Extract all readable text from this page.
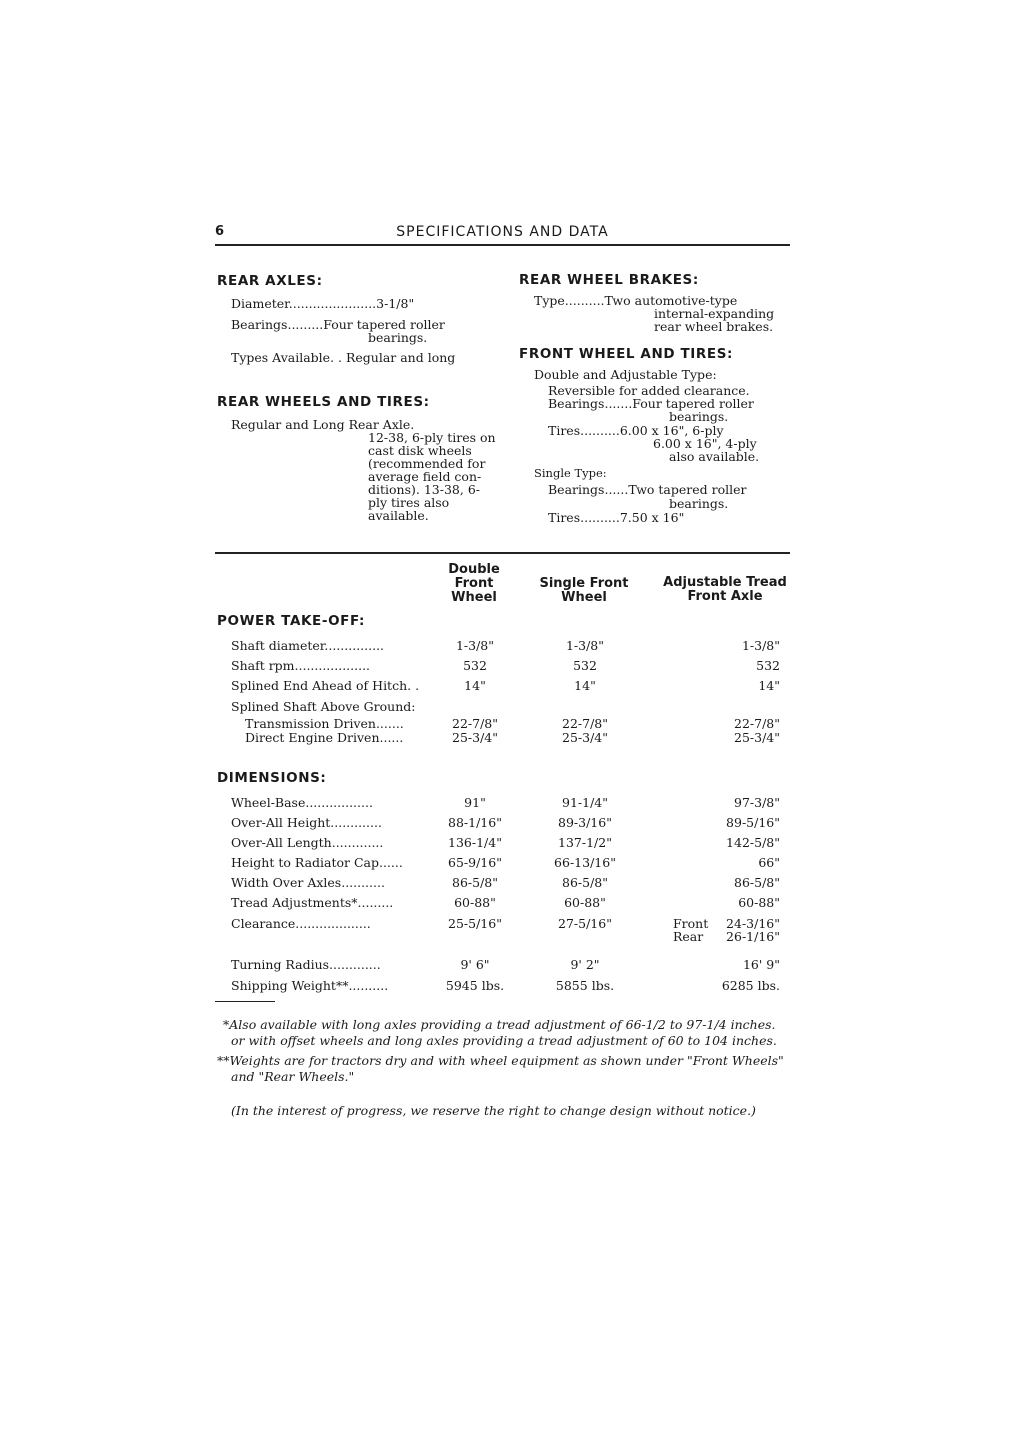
6	SPECIFICATIONS AND DATA
REAR AXLES:
Diameter......................3-1/8"
Bearings.........Four tapered roller
bearings.
Types Available. . Regular and long
REAR WHEELS AND TIRES:
Regular and Long Rear Axle.
12-38, 6-ply tires on
cast disk wheels
(recommended for
average field con-
ditions). 13-38, 6-
ply tires also
available.
REAR WHEEL BRAKES:
Type..........Two automotive-type
internal-expanding
rear wheel brakes.
FRONT WHEEL AND TIRES:
Double and Adjustable Type:
Reversible for added clearance.
Bearings.......Four tapered roller
bearings.
Tires..........6.00 x 16", 6-ply
6.00 x 16", 4-ply
also available.
Single Type:
Bearings......Two tapered roller
bearings.
Tires..........7.50 x 16"
Double
Front
Wheel
Single Front
Wheel
Adjustable Tread
Front Axle
POWER TAKE-OFF:
Shaft diameter...............	1-3/8"	1-3/8"	1-3/8"
Shaft rpm...................	532	532	532
Splined End Ahead of Hitch. .	14"	14"	14"
Splined Shaft Above Ground:
Transmission Driven.......	22-7/8"	22-7/8"	22-7/8"
Direct Engine Driven......	25-3/4"	25-3/4"	25-3/4"
DIMENSIONS:
Wheel-Base.................	91"	91-1/4"	97-3/8"
Over-All Height.............	88-1/16"	89-3/16"	89-5/16"
Over-All Length.............	136-1/4"	137-1/2"	142-5/8"
Height to Radiator Cap......	65-9/16"	66-13/16"	66"
Width Over Axles...........	86-5/8"	86-5/8"	86-5/8"
Tread Adjustments*.........	60-88"	60-88"	60-88"
Clearance...................	25-5/16"	27-5/16"	Front	24-3/16"
Rear	26-1/16"
Turning Radius.............	9' 6"	9' 2"	16' 9"
Shipping Weight**..........	5945 lbs.	5855 lbs.	6285 lbs.
*Also available with long axles providing a tread adjustment of 66-1/2 to 97-1/4 inches.
or with offset wheels and long axles providing a tread adjustment of 60 to 104 inches.
**Weights are for tractors dry and with wheel equipment as shown under "Front Wheels"
and "Rear Wheels."
(In the interest of progress, we reserve the right to change design without notice.)
